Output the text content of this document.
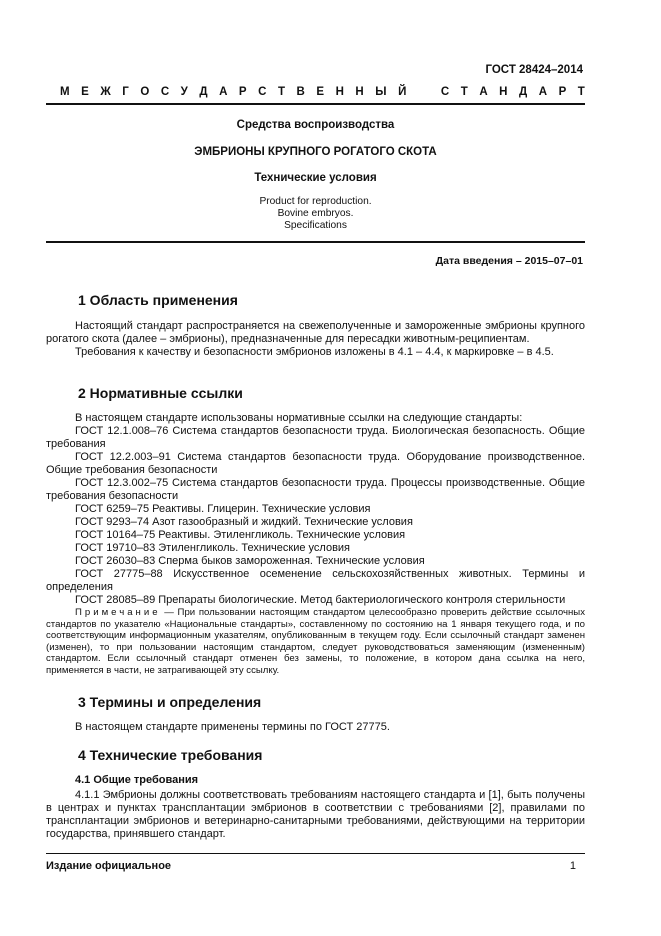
ГОСТ 28424–2014
М Е Ж Г О С У Д А Р С Т В Е Н Н Ы Й	С Т А Н Д А Р Т
Средства воспроизводства
ЭМБРИОНЫ КРУПНОГО РОГАТОГО СКОТА
Технические условия
Product for reproduction.
Bovine embryos.
Specifications
Дата введения – 2015–07–01
1 Область применения
Настоящий стандарт распространяется на свежеполученные и замороженные эмбрионы крупного рогатого скота (далее – эмбрионы), предназначенные для пересадки животным-реципиентам.
Требования к качеству и безопасности эмбрионов изложены в 4.1 – 4.4, к маркировке – в 4.5.
2 Нормативные ссылки
В настоящем стандарте использованы нормативные ссылки на следующие стандарты:
ГОСТ 12.1.008–76 Система стандартов безопасности труда. Биологическая безопасность. Общие требования
ГОСТ 12.2.003–91 Система стандартов безопасности труда. Оборудование производственное. Общие требования безопасности
ГОСТ 12.3.002–75 Система стандартов безопасности труда. Процессы производственные. Общие требования безопасности
ГОСТ 6259–75 Реактивы. Глицерин. Технические условия
ГОСТ 9293–74 Азот газообразный и жидкий. Технические условия
ГОСТ 10164–75 Реактивы. Этиленгликоль. Технические условия
ГОСТ 19710–83 Этиленгликоль. Технические условия
ГОСТ 26030–83 Сперма быков замороженная. Технические условия
ГОСТ 27775–88 Искусственное осеменение сельскохозяйственных животных. Термины и определения
ГОСТ 28085–89 Препараты биологические. Метод бактериологического контроля стерильности
Примечание — При пользовании настоящим стандартом целесообразно проверить действие ссылочных стандартов по указателю «Национальные стандарты», составленному по состоянию на 1 января текущего года, и по соответствующим информационным указателям, опубликованным в текущем году. Если ссылочный стандарт заменен (изменен), то при пользовании настоящим стандартом, следует руководствоваться заменяющим (измененным) стандартом. Если ссылочный стандарт отменен без замены, то положение, в котором дана ссылка на него, применяется в части, не затрагивающей эту ссылку.
3 Термины и определения
В настоящем стандарте применены термины по ГОСТ 27775.
4 Технические требования
4.1 Общие требования
4.1.1 Эмбрионы должны соответствовать требованиям настоящего стандарта и [1], быть получены в центрах и пунктах трансплантации эмбрионов в соответствии с требованиями [2], правилами по трансплантации эмбрионов и ветеринарно-санитарными требованиями, действующими на территории государства, принявшего стандарт.
Издание официальное	1
